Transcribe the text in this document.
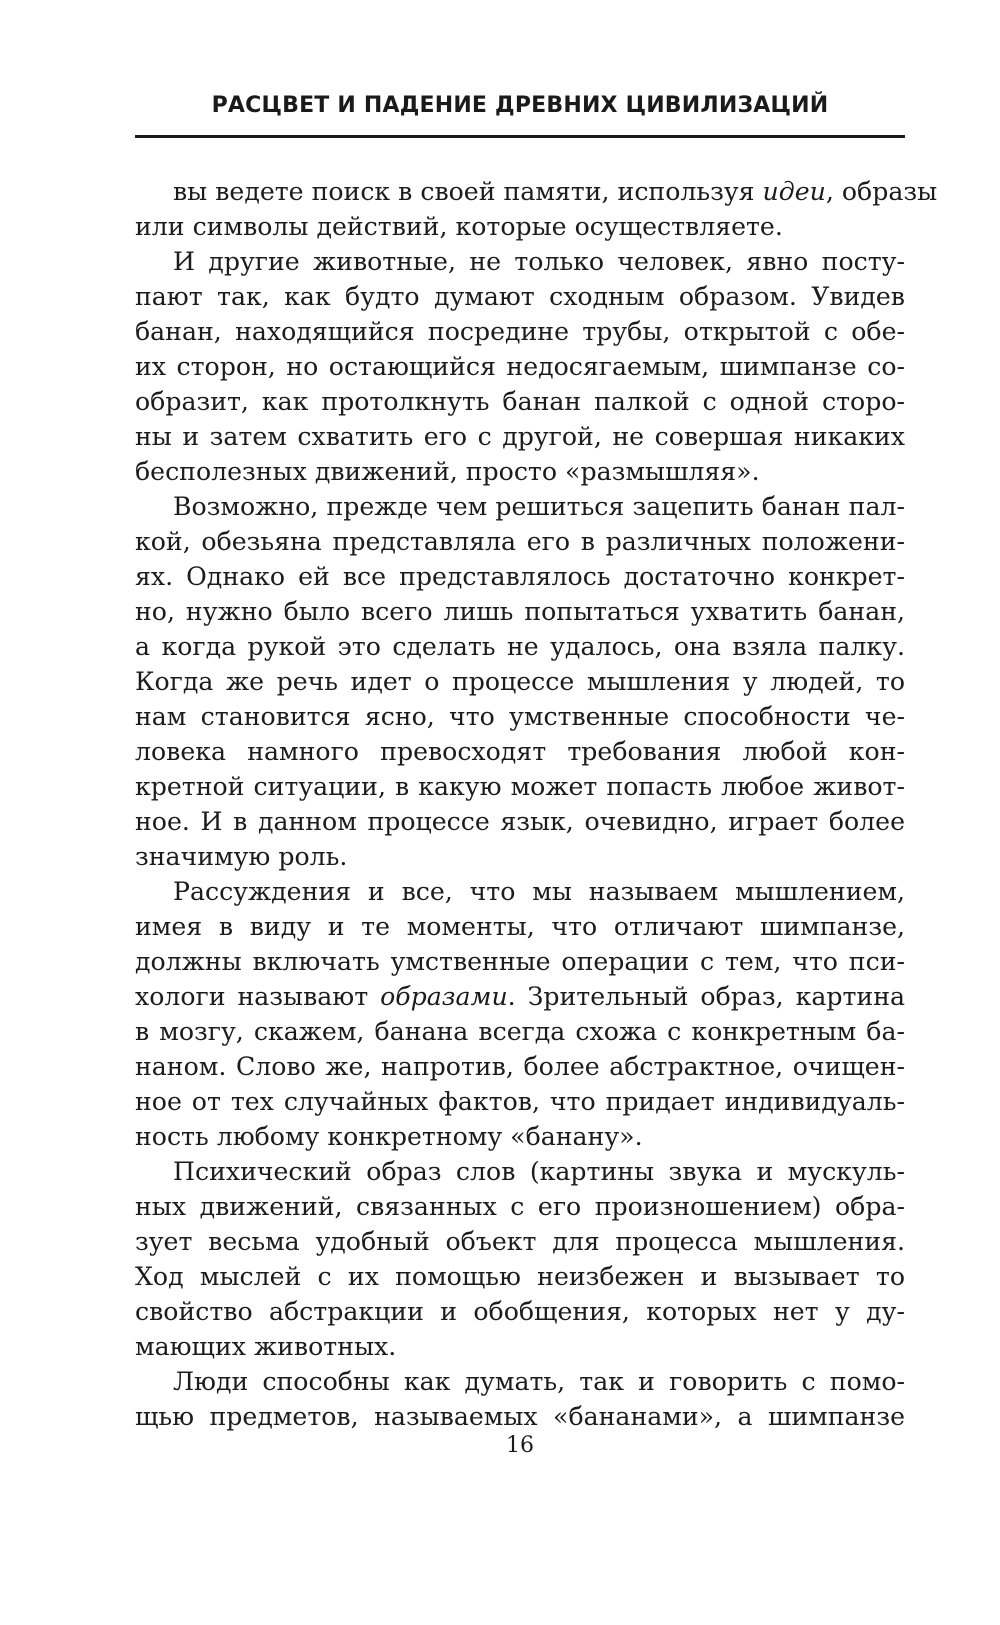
РАСЦВЕТ И ПАДЕНИЕ ДРЕВНИХ ЦИВИЛИЗАЦИЙ
вы ведете поиск в своей памяти, используя идеи, образы
или символы действий, которые осуществляете.
И другие животные, не только человек, явно посту-
пают так, как будто думают сходным образом. Увидев
банан, находящийся посредине трубы, открытой с обе-
их сторон, но остающийся недосягаемым, шимпанзе со-
образит, как протолкнуть банан палкой с одной сторо-
ны и затем схватить его с другой, не совершая никаких
бесполезных движений, просто «размышляя».
Возможно, прежде чем решиться зацепить банан пал-
кой, обезьяна представляла его в различных положени-
ях. Однако ей все представлялось достаточно конкрет-
но, нужно было всего лишь попытаться ухватить банан,
а когда рукой это сделать не удалось, она взяла палку.
Когда же речь идет о процессе мышления у людей, то
нам становится ясно, что умственные способности че-
ловека намного превосходят требования любой кон-
кретной ситуации, в какую может попасть любое живот-
ное. И в данном процессе язык, очевидно, играет более
значимую роль.
Рассуждения и все, что мы называем мышлением,
имея в виду и те моменты, что отличают шимпанзе,
должны включать умственные операции с тем, что пси-
хологи называют образами. Зрительный образ, картина
в мозгу, скажем, банана всегда схожа с конкретным ба-
наном. Слово же, напротив, более абстрактное, очищен-
ное от тех случайных фактов, что придает индивидуаль-
ность любому конкретному «банану».
Психический образ слов (картины звука и мускуль-
ных движений, связанных с его произношением) обра-
зует весьма удобный объект для процесса мышления.
Ход мыслей с их помощью неизбежен и вызывает то
свойство абстракции и обобщения, которых нет у ду-
мающих животных.
Люди способны как думать, так и говорить с помо-
щью предметов, называемых «бананами», а шимпанзе
16
